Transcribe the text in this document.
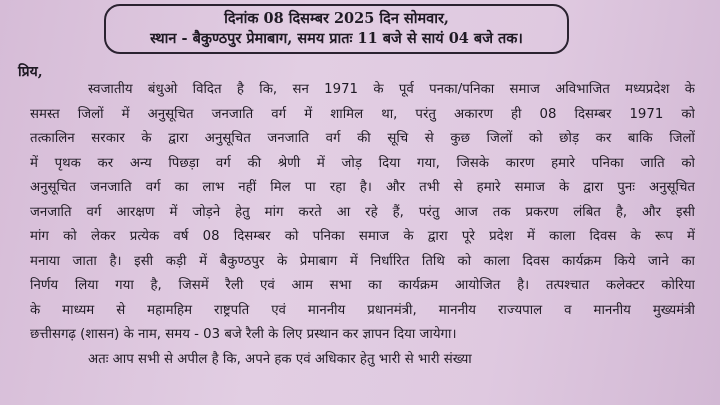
दिनांक 08 दिसम्बर 2025 दिन सोमवार,
स्थान - बैकुण्ठपुर प्रेमाबाग, समय प्रातः 11 बजे से सायं 04 बजे तक।
प्रिय,
स्वजातीय बंधुओ विदित है कि, सन 1971 के पूर्व पनका/पनिका समाज अविभाजित मध्यप्रदेश के
समस्त जिलों में अनुसूचित जनजाति वर्ग में शामिल था, परंतु अकारण ही 08 दिसम्बर 1971 को
तत्कालिन सरकार के द्वारा अनुसूचित जनजाति वर्ग की सूचि से कुछ जिलों को छोड़ कर बाकि जिलों
में पृथक कर अन्य पिछड़ा वर्ग की श्रेणी में जोड़ दिया गया, जिसके कारण हमारे पनिका जाति को
अनुसूचित जनजाति वर्ग का लाभ नहीं मिल पा रहा है। और तभी से हमारे समाज के द्वारा पुनः अनुसूचित
जनजाति वर्ग आरक्षण में जोड़ने हेतु मांग करते आ रहे हैं, परंतु आज तक प्रकरण लंबित है, और इसी
मांग को लेकर प्रत्येक वर्ष 08 दिसम्बर को पनिका समाज के द्वारा पूरे प्रदेश में काला दिवस के रूप में
मनाया जाता है। इसी कड़ी में बैकुण्ठपुर के प्रेमाबाग में निर्धारित तिथि को काला दिवस कार्यक्रम किये जाने का
निर्णय लिया गया है, जिसमें रैली एवं आम सभा का कार्यक्रम आयोजित है। तत्पश्चात कलेक्टर कोरिया
के माध्यम से महामहिम राष्ट्रपति एवं माननीय प्रधानमंत्री, माननीय राज्यपाल व माननीय मुख्यमंत्री
छत्तीसगढ़ (शासन) के नाम, समय - 03 बजे रैली के लिए प्रस्थान कर ज्ञापन दिया जायेगा।
अतः आप सभी से अपील है कि, अपने हक एवं अधिकार हेतु भारी से भारी संख्या
